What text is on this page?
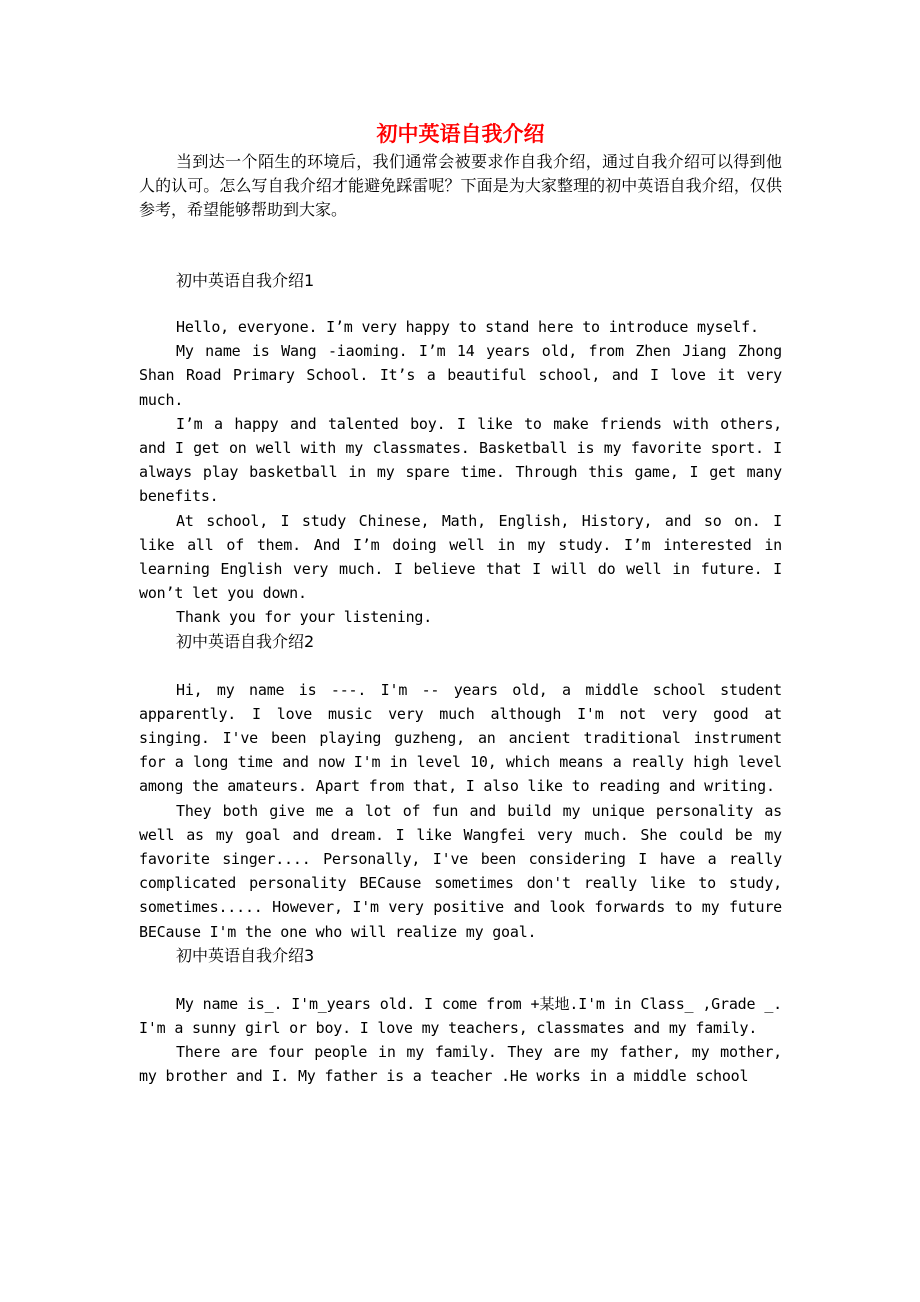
初中英语自我介绍

当到达一个陌生的环境后，我们通常会被要求作自我介绍，通过自我介绍可以得到他人的认可。怎么写自我介绍才能避免踩雷呢？下面是为大家整理的初中英语自我介绍，仅供参考，希望能够帮助到大家。

初中英语自我介绍1

Hello, everyone. I’m very happy to stand here to introduce myself.

My name is Wang -iaoming. I’m 14 years old, from Zhen Jiang Zhong Shan Road Primary School. It’s a beautiful school, and I love it very much.

I’m a happy and talented boy. I like to make friends with others, and I get on well with my classmates. Basketball is my favorite sport. I always play basketball in my spare time. Through this game, I get many benefits.

At school, I study Chinese, Math, English, History, and so on. I like all of them. And I’m doing well in my study. I’m interested in learning English very much. I believe that I will do well in future. I won’t let you down.

Thank you for your listening.

初中英语自我介绍2

Hi, my name is ---. I'm -- years old, a middle school student apparently. I love music very much although I'm not very good at singing. I've been playing guzheng, an ancient traditional instrument for a long time and now I'm in level 10, which means a really high level among the amateurs. Apart from that, I also like to reading and writing.

They both give me a lot of fun and build my unique personality as well as my goal and dream. I like Wangfei very much. She could be my favorite singer.... Personally, I've been considering I have a really complicated personality BECause sometimes don't really like to study, sometimes..... However, I'm very positive and look forwards to my future BECause I'm the one who will realize my goal.

初中英语自我介绍3

My name is_. I'm_years old. I come from +某地.I'm in Class_ ,Grade _. I'm a sunny girl or boy. I love my teachers, classmates and my family.

There are four people in my family. They are my father, my mother, my brother and I. My father is a teacher .He works in a middle school
